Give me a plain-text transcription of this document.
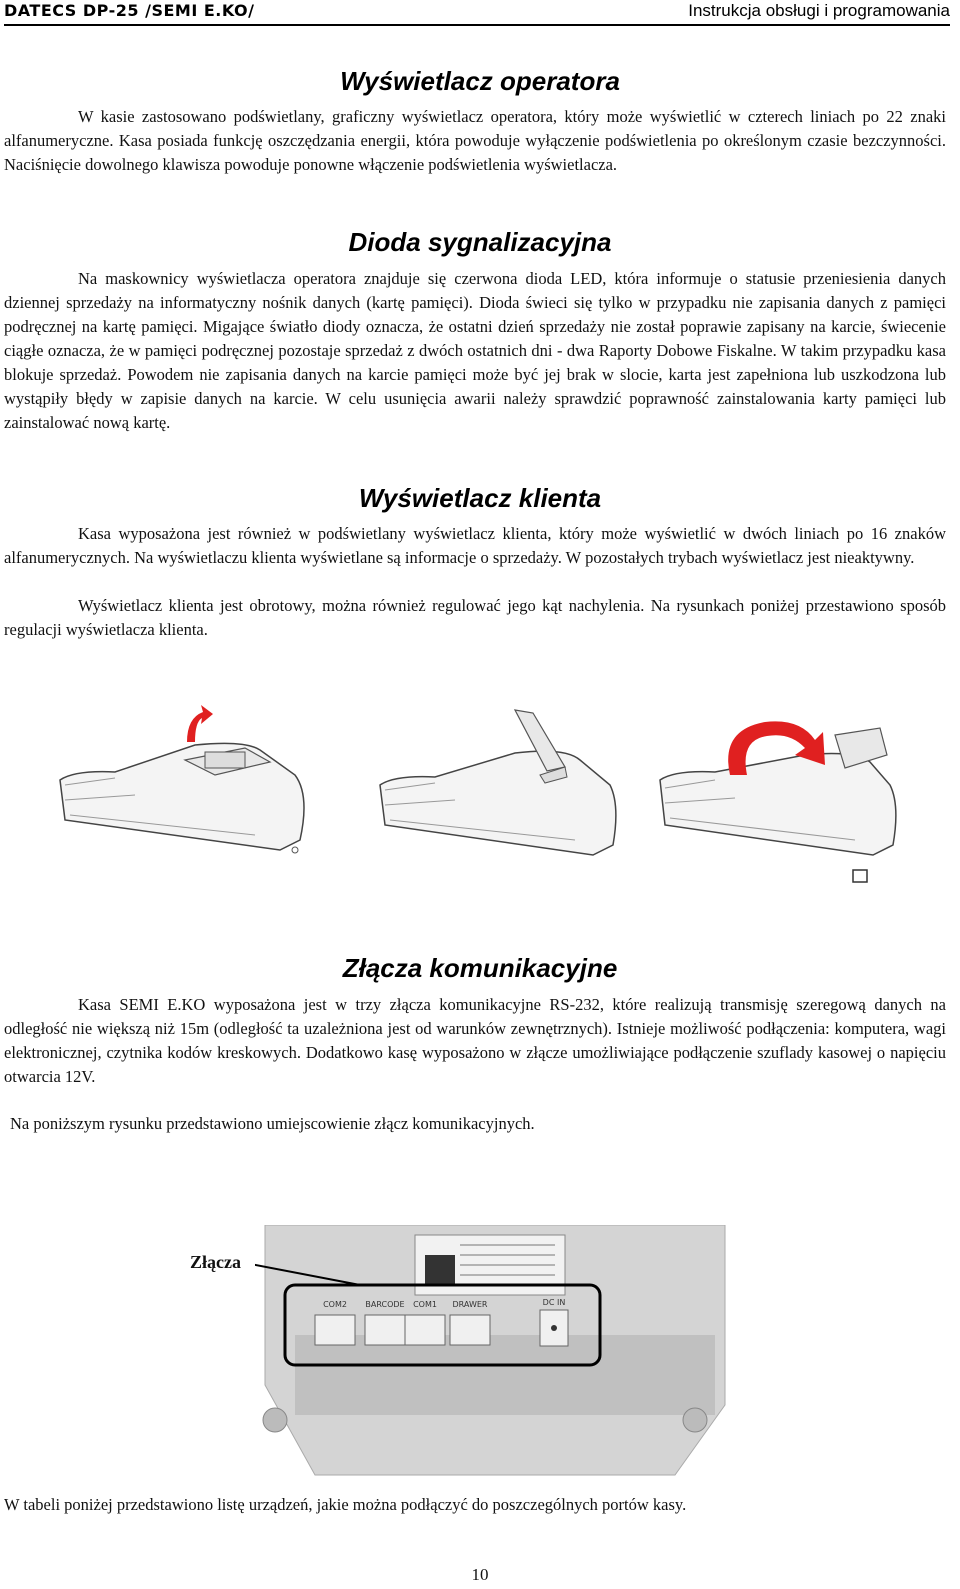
DATECS DP-25 /SEMI E.KO/	Instrukcja obsługi i programowania
Wyświetlacz operatora

W kasie zastosowano podświetlany, graficzny wyświetlacz operatora, który może wyświetlić w czterech liniach po 22 znaki alfanumeryczne. Kasa posiada funkcję oszczędzania energii, która powoduje wyłączenie podświetlenia po określonym czasie bezczynności. Naciśnięcie dowolnego klawisza powoduje ponowne włączenie podświetlenia wyświetlacza.

Dioda sygnalizacyjna

Na maskownicy wyświetlacza operatora znajduje się czerwona dioda LED, która informuje o statusie przeniesienia danych dziennej sprzedaży na informatyczny nośnik danych (kartę pamięci). Dioda świeci się tylko w przypadku nie zapisania danych z pamięci podręcznej na kartę pamięci. Migające światło diody oznacza, że ostatni dzień sprzedaży nie został poprawie zapisany na karcie, świecenie ciągłe oznacza, że w pamięci podręcznej pozostaje sprzedaż z dwóch ostatnich dni - dwa Raporty Dobowe Fiskalne. W takim przypadku kasa blokuje sprzedaż. Powodem nie zapisania danych na karcie pamięci może być jej brak w slocie, karta jest zapełniona lub uszkodzona lub wystąpiły błędy w zapisie danych na karcie. W celu usunięcia awarii należy sprawdzić poprawność zainstalowania karty pamięci lub zainstalować nową kartę.

Wyświetlacz klienta

Kasa wyposażona jest również w podświetlany wyświetlacz klienta, który może wyświetlić w dwóch liniach po 16 znaków alfanumerycznych. Na wyświetlaczu klienta wyświetlane są informacje o sprzedaży. W pozostałych trybach wyświetlacz jest nieaktywny.

Wyświetlacz klienta jest obrotowy, można również regulować jego kąt nachylenia. Na rysunkach poniżej przestawiono sposób regulacji wyświetlacza klienta.

Złącza komunikacyjne

Kasa SEMI E.KO wyposażona jest w trzy złącza komunikacyjne RS-232, które realizują transmisję szeregową danych na odległość nie większą niż 15m (odległość ta uzależniona jest od warunków zewnętrznych). Istnieje możliwość podłączenia: komputera, wagi elektronicznej, czytnika kodów kreskowych. Dodatkowo kasę wyposażono w złącze umożliwiające podłączenie szuflady kasowej o napięciu otwarcia 12V.

Na poniższym rysunku przedstawiono umiejscowienie złącz komunikacyjnych.

COM2 BARCODE COM1 DRAWER	DC IN
Złącza

W tabeli poniżej przedstawiono listę urządzeń, jakie można podłączyć do poszczególnych portów kasy.

10
